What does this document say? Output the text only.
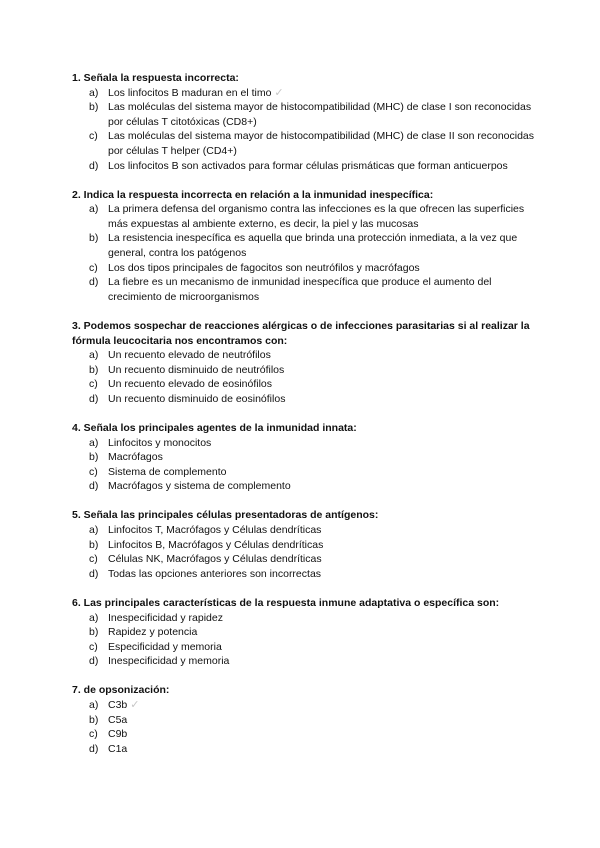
1. Señala la respuesta incorrecta:
a) Los linfocitos B maduran en el timo ✓
b) Las moléculas del sistema mayor de histocompatibilidad (MHC) de clase I son reconocidas por células T citotóxicas (CD8+)
c) Las moléculas del sistema mayor de histocompatibilidad (MHC) de clase II son reconocidas por células T helper (CD4+)
d) Los linfocitos B son activados para formar células prismáticas que forman anticuerpos
2. Indica la respuesta incorrecta en relación a la inmunidad inespecífica:
a) La primera defensa del organismo contra las infecciones es la que ofrecen las superficies más expuestas al ambiente externo, es decir, la piel y las mucosas
b) La resistencia inespecífica es aquella que brinda una protección inmediata, a la vez que general, contra los patógenos
c) Los dos tipos principales de fagocitos son neutrófilos y macrófagos
d) La fiebre es un mecanismo de inmunidad inespecífica que produce el aumento del crecimiento de microorganismos
3. Podemos sospechar de reacciones alérgicas o de infecciones parasitarias si al realizar la fórmula leucocitaria nos encontramos con:
a) Un recuento elevado de neutrófilos
b) Un recuento disminuido de neutrófilos
c) Un recuento elevado de eosinófilos
d) Un recuento disminuido de eosinófilos
4. Señala los principales agentes de la inmunidad innata:
a) Linfocitos y monocitos
b) Macrófagos
c) Sistema de complemento
d) Macrófagos y sistema de complemento
5. Señala las principales células presentadoras de antígenos:
a) Linfocitos T, Macrófagos y Células dendríticas
b) Linfocitos B, Macrófagos y Células dendríticas
c) Células NK, Macrófagos y Células dendríticas
d) Todas las opciones anteriores son incorrectas
6. Las principales características de la respuesta inmune adaptativa o específica son:
a) Inespecificidad y rapidez
b) Rapidez y potencia
c) Especificidad y memoria
d) Inespecificidad y memoria
7. de opsonización:
a) C3b ✓
b) C5a
c) C9b
d) C1a
